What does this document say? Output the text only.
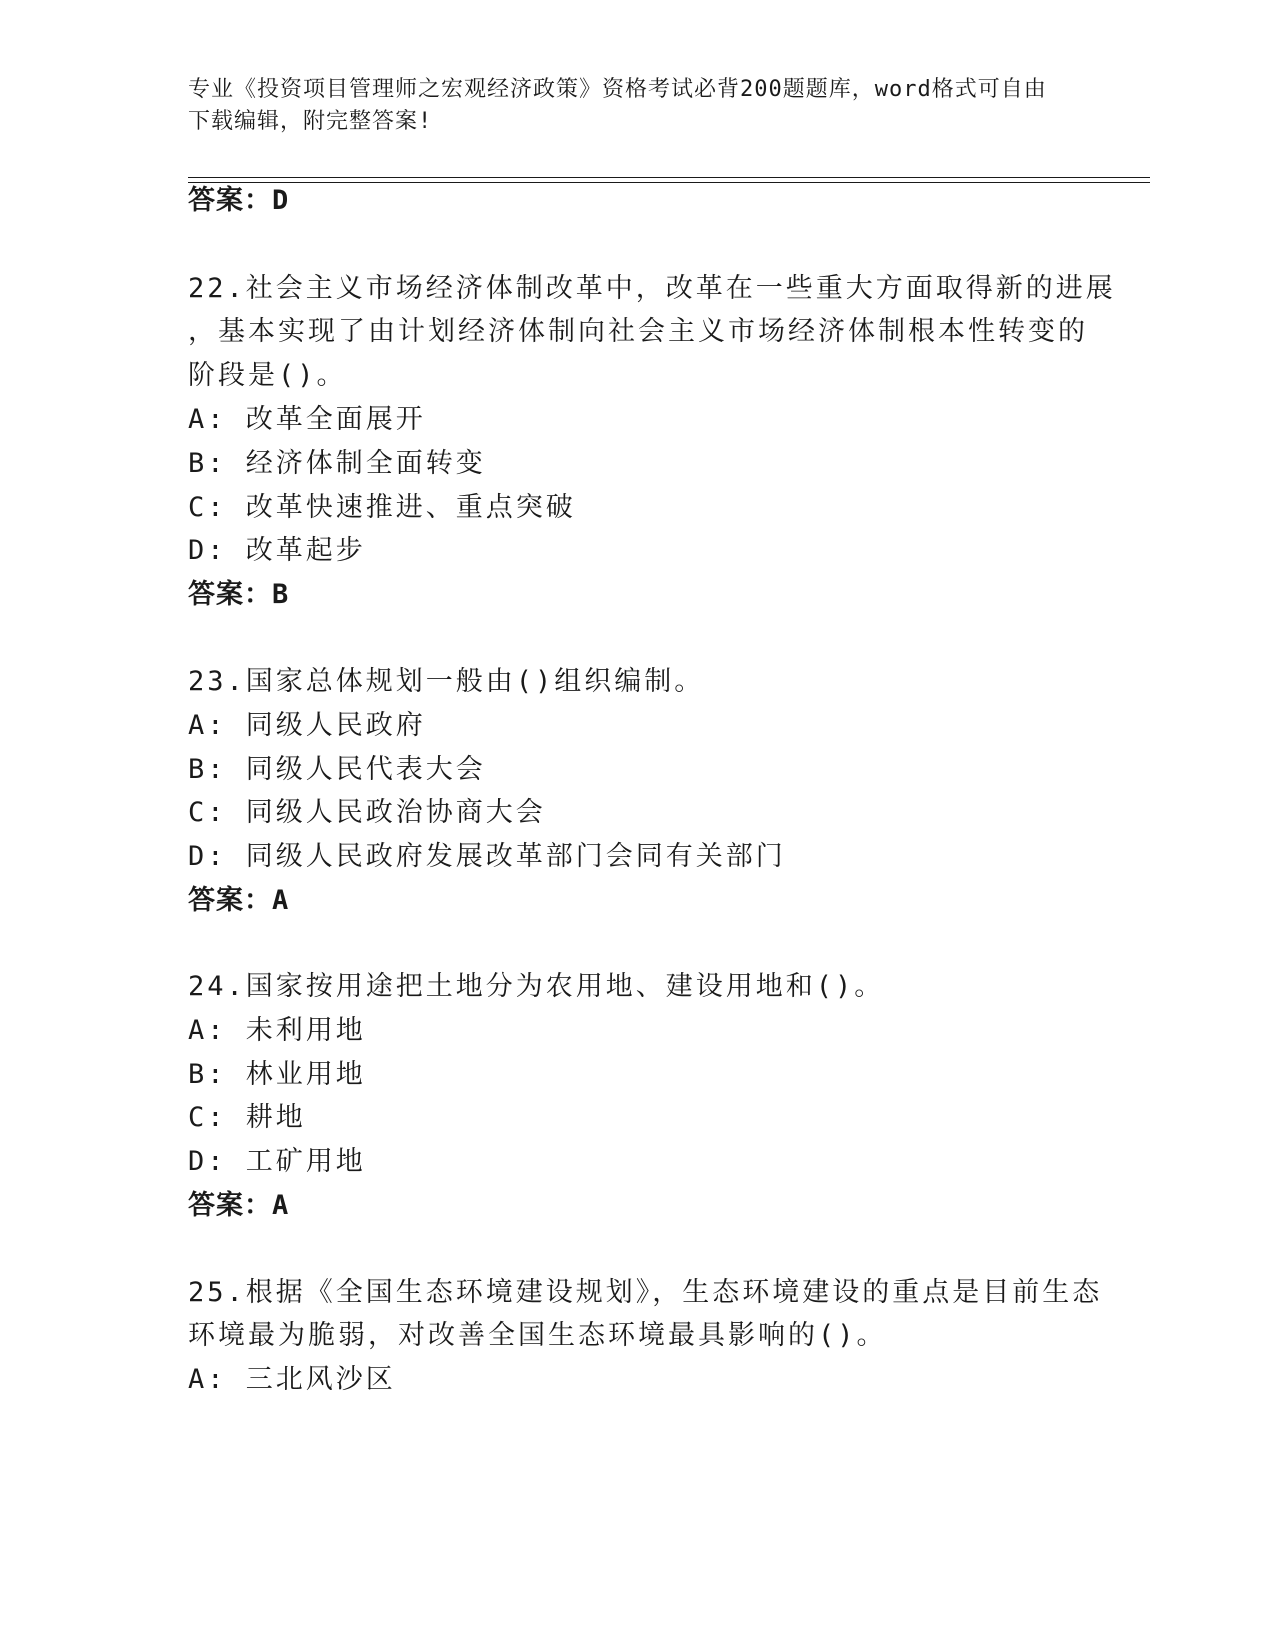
专业《投资项目管理师之宏观经济政策》资格考试必背200题题库，word格式可自由下载编辑，附完整答案!
答案：D
22.社会主义市场经济体制改革中，改革在一些重大方面取得新的进展
，基本实现了由计划经济体制向社会主义市场经济体制根本性转变的
阶段是()。
A: 改革全面展开
B: 经济体制全面转变
C: 改革快速推进、重点突破
D: 改革起步
答案：B
23.国家总体规划一般由()组织编制。
A: 同级人民政府
B: 同级人民代表大会
C: 同级人民政治协商大会
D: 同级人民政府发展改革部门会同有关部门
答案：A
24.国家按用途把土地分为农用地、建设用地和()。
A: 未利用地
B: 林业用地
C: 耕地
D: 工矿用地
答案：A
25.根据《全国生态环境建设规划》，生态环境建设的重点是目前生态
环境最为脆弱，对改善全国生态环境最具影响的()。
A: 三北风沙区
